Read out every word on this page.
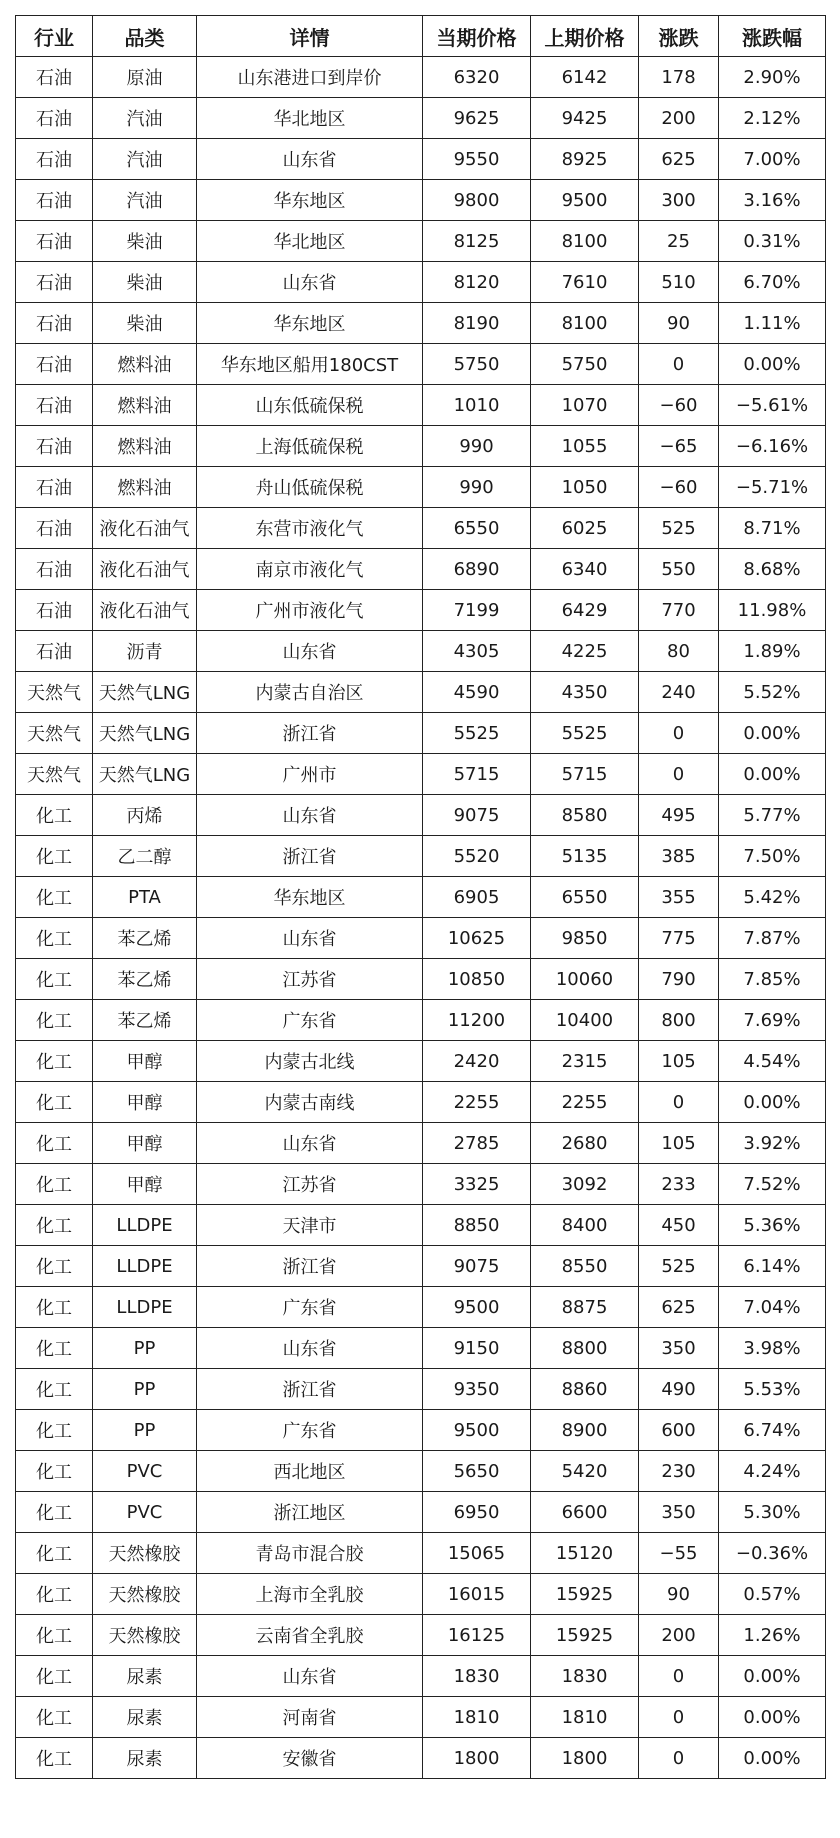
行业	品类	详情	当期价格	上期价格	涨跌	涨跌幅
石油	原油	山东港进口到岸价	6320	6142	178	2.90%
石油	汽油	华北地区	9625	9425	200	2.12%
石油	汽油	山东省	9550	8925	625	7.00%
石油	汽油	华东地区	9800	9500	300	3.16%
石油	柴油	华北地区	8125	8100	25	0.31%
石油	柴油	山东省	8120	7610	510	6.70%
石油	柴油	华东地区	8190	8100	90	1.11%
石油	燃料油	华东地区船用180CST	5750	5750	0	0.00%
石油	燃料油	山东低硫保税	1010	1070	−60	−5.61%
石油	燃料油	上海低硫保税	990	1055	−65	−6.16%
石油	燃料油	舟山低硫保税	990	1050	−60	−5.71%
石油	液化石油气	东营市液化气	6550	6025	525	8.71%
石油	液化石油气	南京市液化气	6890	6340	550	8.68%
石油	液化石油气	广州市液化气	7199	6429	770	11.98%
石油	沥青	山东省	4305	4225	80	1.89%
天然气	天然气LNG	内蒙古自治区	4590	4350	240	5.52%
天然气	天然气LNG	浙江省	5525	5525	0	0.00%
天然气	天然气LNG	广州市	5715	5715	0	0.00%
化工	丙烯	山东省	9075	8580	495	5.77%
化工	乙二醇	浙江省	5520	5135	385	7.50%
化工	PTA	华东地区	6905	6550	355	5.42%
化工	苯乙烯	山东省	10625	9850	775	7.87%
化工	苯乙烯	江苏省	10850	10060	790	7.85%
化工	苯乙烯	广东省	11200	10400	800	7.69%
化工	甲醇	内蒙古北线	2420	2315	105	4.54%
化工	甲醇	内蒙古南线	2255	2255	0	0.00%
化工	甲醇	山东省	2785	2680	105	3.92%
化工	甲醇	江苏省	3325	3092	233	7.52%
化工	LLDPE	天津市	8850	8400	450	5.36%
化工	LLDPE	浙江省	9075	8550	525	6.14%
化工	LLDPE	广东省	9500	8875	625	7.04%
化工	PP	山东省	9150	8800	350	3.98%
化工	PP	浙江省	9350	8860	490	5.53%
化工	PP	广东省	9500	8900	600	6.74%
化工	PVC	西北地区	5650	5420	230	4.24%
化工	PVC	浙江地区	6950	6600	350	5.30%
化工	天然橡胶	青岛市混合胶	15065	15120	−55	−0.36%
化工	天然橡胶	上海市全乳胶	16015	15925	90	0.57%
化工	天然橡胶	云南省全乳胶	16125	15925	200	1.26%
化工	尿素	山东省	1830	1830	0	0.00%
化工	尿素	河南省	1810	1810	0	0.00%
化工	尿素	安徽省	1800	1800	0	0.00%
